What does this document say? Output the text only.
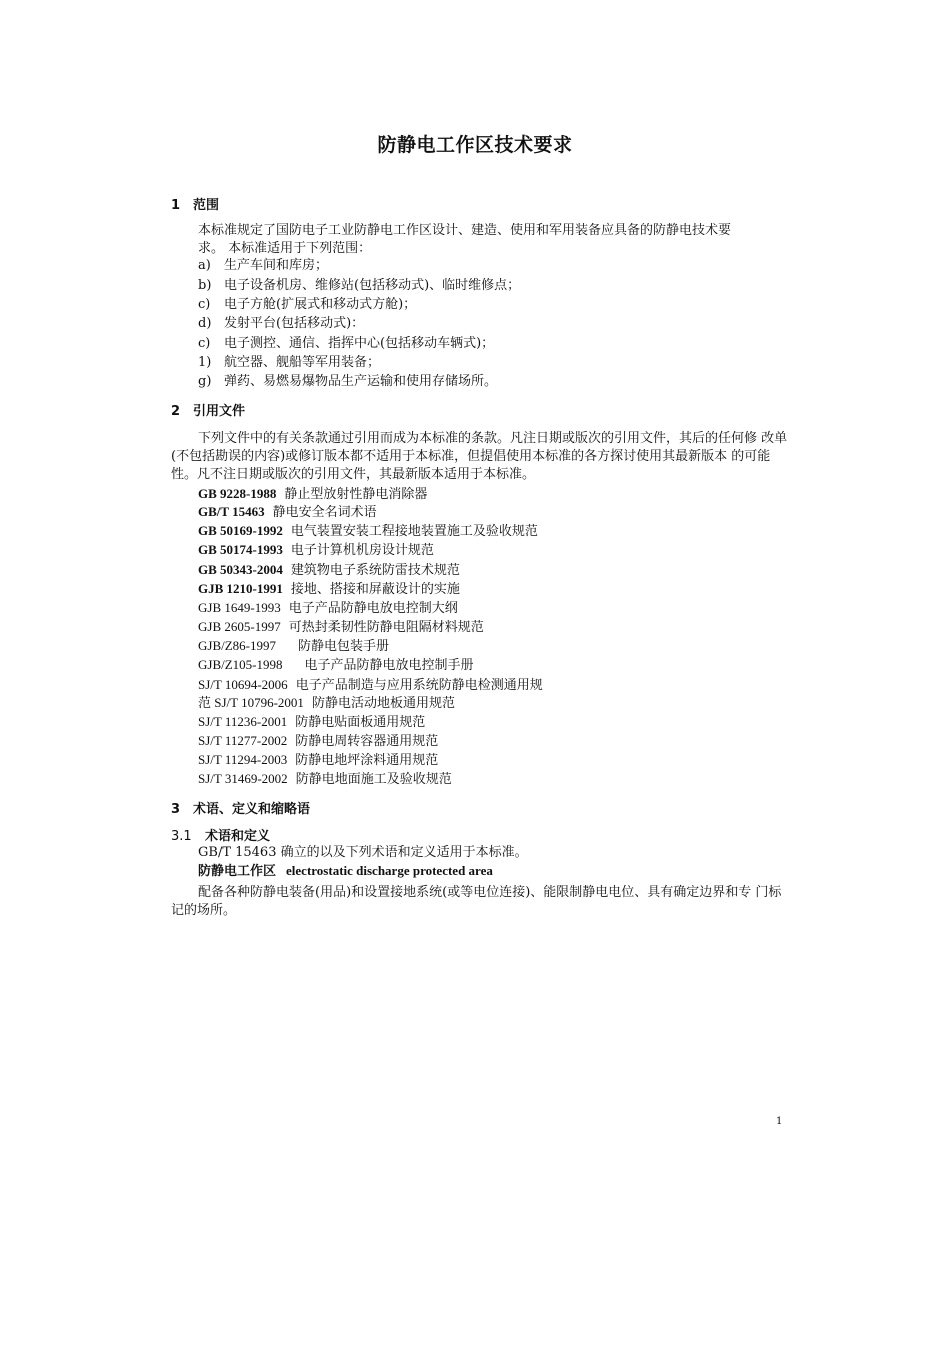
防静电工作区技术要求
1 范围
本标准规定了国防电子工业防静电工作区设计、建造、使用和军用装备应具备的防静电技术要
求。 本标准适用于下列范围：
a) 生产车间和库房；
b) 电子设备机房、维修站(包括移动式)、临时维修点；
c) 电子方舱(扩展式和移动式方舱)；
d) 发射平台(包括移动式)：
c) 电子测控、通信、指挥中心(包括移动车辆式)；
1) 航空器、舰船等军用装备；
g) 弹药、易燃易爆物品生产运输和使用存储场所。
2 引用文件
下列文件中的有关条款通过引用而成为本标准的条款。凡注日期或版次的引用文件，其后的任何修 改单(不包括勘误的内容)或修订版本都不适用于本标准，但提倡使用本标准的各方探讨使用其最新版本 的可能性。凡不注日期或版次的引用文件，其最新版本适用于本标准。
GB 9228-1988 静止型放射性静电消除器
GB/T 15463 静电安全名词术语
GB 50169-1992 电气装置安装工程接地装置施工及验收规范
GB 50174-1993 电子计算机机房设计规范
GB 50343-2004 建筑物电子系统防雷技术规范
GJB 1210-1991 接地、搭接和屏蔽设计的实施
GJB 1649-1993 电子产品防静电放电控制大纲
GJB 2605-1997 可热封柔韧性防静电阻隔材料规范
GJB/Z86-1997 防静电包装手册
GJB/Z105-1998 电子产品防静电放电控制手册
SJ/T 10694-2006 电子产品制造与应用系统防静电检测通用规
范 SJ/T 10796-2001 防静电活动地板通用规范
SJ/T 11236-2001 防静电贴面板通用规范
SJ/T 11277-2002 防静电周转容器通用规范
SJ/T 11294-2003 防静电地坪涂料通用规范
SJ/T 31469-2002 防静电地面施工及验收规范
3 术语、定义和缩略语
3.1 术语和定义
GB/T 15463 确立的以及下列术语和定义适用于本标准。
防静电工作区 electrostatic discharge protected area
配备各种防静电装备(用品)和设置接地系统(或等电位连接)、能限制静电电位、具有确定边界和专 门标记的场所。
1
